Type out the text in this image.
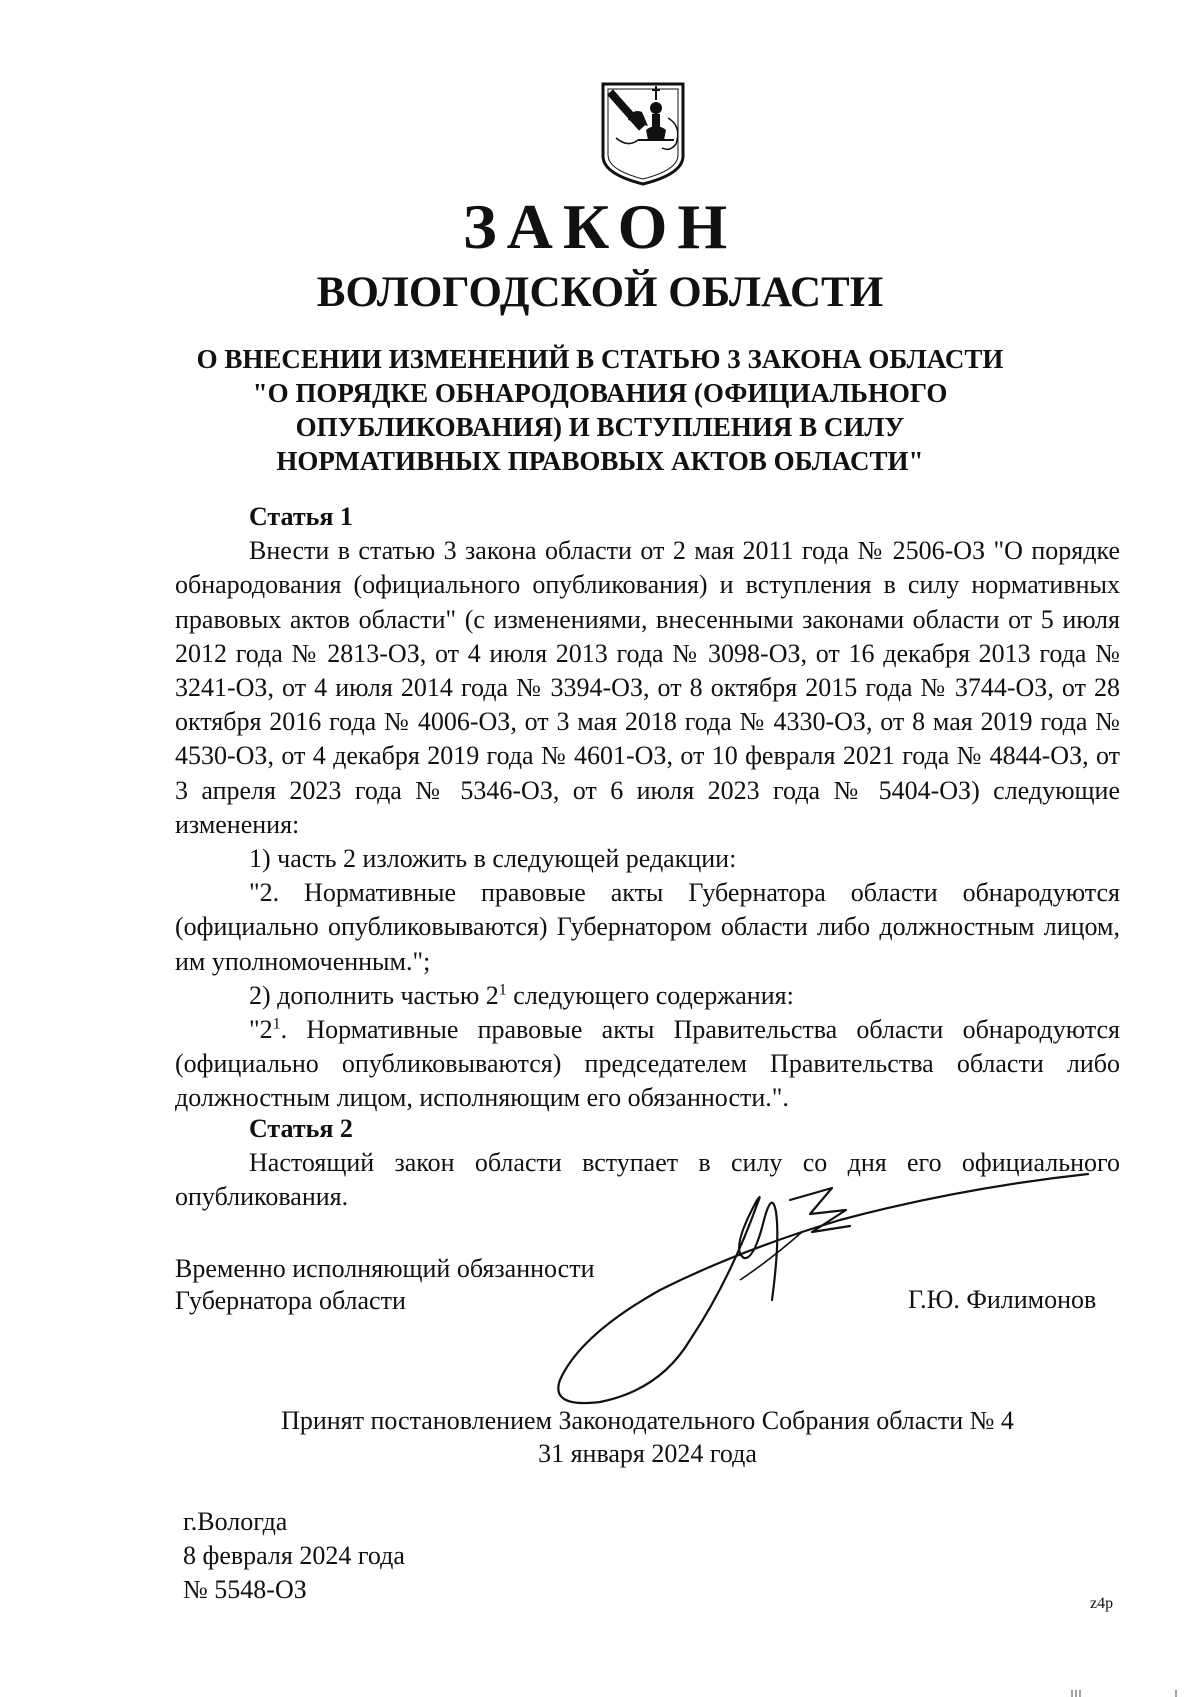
ЗАКОН
ВОЛОГОДСКОЙ ОБЛАСТИ

О ВНЕСЕНИИ ИЗМЕНЕНИЙ В СТАТЬЮ 3 ЗАКОНА ОБЛАСТИ

"О ПОРЯДКЕ ОБНАРОДОВАНИЯ (ОФИЦИАЛЬНОГО

ОПУБЛИКОВАНИЯ) И ВСТУПЛЕНИЯ В СИЛУ

НОРМАТИВНЫХ ПРАВОВЫХ АКТОВ ОБЛАСТИ"

Статья 1

Внести в статью 3 закона области от 2 мая 2011 года № 2506-ОЗ "О порядке обнародования (официального опубликования) и вступления в силу нормативных правовых актов области" (с изменениями, внесенными законами области от 5 июля 2012 года № 2813-ОЗ, от 4 июля 2013 года № 3098-ОЗ, от 16 декабря 2013 года № 3241-ОЗ, от 4 июля 2014 года № 3394-ОЗ, от 8 октября 2015 года № 3744-ОЗ, от 28 октября 2016 года № 4006-ОЗ, от 3 мая 2018 года № 4330-ОЗ, от 8 мая 2019 года № 4530-ОЗ, от 4 декабря 2019 года № 4601-ОЗ, от 10 февраля 2021 года № 4844-ОЗ, от 3 апреля 2023 года № 5346-ОЗ, от 6 июля 2023 года № 5404-ОЗ) следующие изменения:

1) часть 2 изложить в следующей редакции:

"2. Нормативные правовые акты Губернатора области обнародуются (официально опубликовываются) Губернатором области либо должностным лицом, им уполномоченным.";

2) дополнить частью $2^1$ следующего содержания:

"$2^1$. Нормативные правовые акты Правительства области обнародуются (официально опубликовываются) председателем Правительства области либо должностным лицом, исполняющим его обязанности.".

Статья 2

Настоящий закон области вступает в силу со дня его официального опубликования.

Временно исполняющий обязанности
Губернатора области	Г.Ю. Филимонов

Принят постановлением Законодательного Собрания области № 4

31 января 2024 года

г.Вологда

8 февраля 2024 года

№ 5548-ОЗ	z4p
